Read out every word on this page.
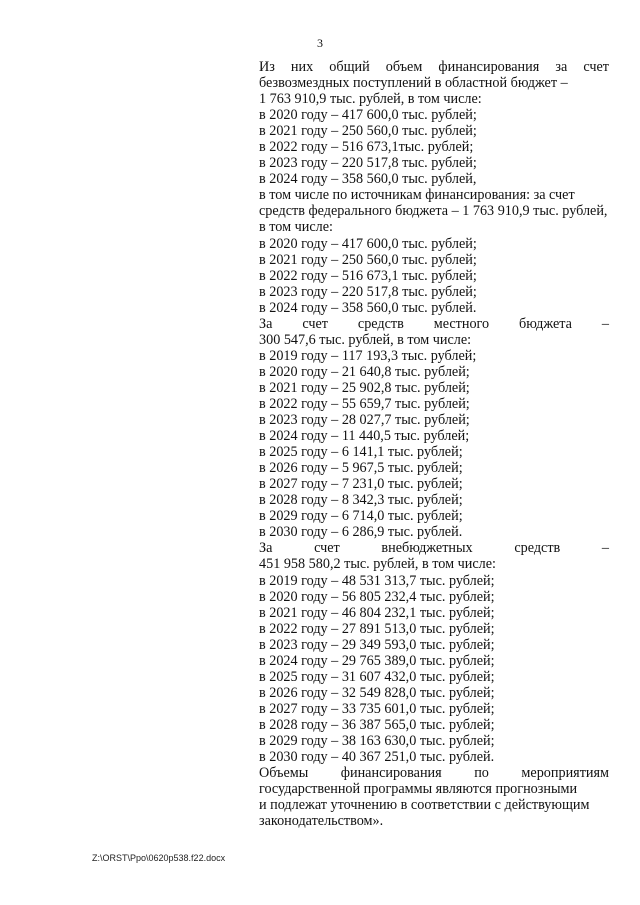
3
Из них общий объем финансирования за счет
безвозмездных поступлений в областной бюджет –
1 763 910,9 тыс. рублей, в том числе:
в 2020 году – 417 600,0 тыс. рублей;
в 2021 году – 250 560,0 тыс. рублей;
в 2022 году – 516 673,1тыс. рублей;
в 2023 году – 220 517,8 тыс. рублей;
в 2024 году – 358 560,0 тыс. рублей,
в том числе по источникам финансирования: за счет
средств федерального бюджета – 1 763 910,9 тыс. рублей,
в том числе:
в 2020 году – 417 600,0 тыс. рублей;
в 2021 году – 250 560,0 тыс. рублей;
в 2022 году – 516 673,1 тыс. рублей;
в 2023 году – 220 517,8 тыс. рублей;
в 2024 году – 358 560,0 тыс. рублей.
За счет средств местного бюджета –
300 547,6 тыс. рублей, в том числе:
в 2019 году – 117 193,3 тыс. рублей;
в 2020 году – 21 640,8 тыс. рублей;
в 2021 году – 25 902,8 тыс. рублей;
в 2022 году – 55 659,7 тыс. рублей;
в 2023 году – 28 027,7 тыс. рублей;
в 2024 году – 11 440,5 тыс. рублей;
в 2025 году – 6 141,1 тыс. рублей;
в 2026 году – 5 967,5 тыс. рублей;
в 2027 году – 7 231,0 тыс. рублей;
в 2028 году – 8 342,3 тыс. рублей;
в 2029 году – 6 714,0 тыс. рублей;
в 2030 году – 6 286,9 тыс. рублей.
За	счет	внебюджетных	средств	–
451 958 580,2 тыс. рублей, в том числе:
в 2019 году – 48 531 313,7 тыс. рублей;
в 2020 году – 56 805 232,4 тыс. рублей;
в 2021 году – 46 804 232,1 тыс. рублей;
в 2022 году – 27 891 513,0 тыс. рублей;
в 2023 году – 29 349 593,0 тыс. рублей;
в 2024 году – 29 765 389,0 тыс. рублей;
в 2025 году – 31 607 432,0 тыс. рублей;
в 2026 году – 32 549 828,0 тыс. рублей;
в 2027 году – 33 735 601,0 тыс. рублей;
в 2028 году – 36 387 565,0 тыс. рублей;
в 2029 году – 38 163 630,0 тыс. рублей;
в 2030 году – 40 367 251,0 тыс. рублей.
Объемы финансирования по мероприятиям
государственной программы являются прогнозными
и подлежат уточнению в соответствии с действующим
законодательством».
Z:\ORST\Ppo\0620p538.f22.docx
